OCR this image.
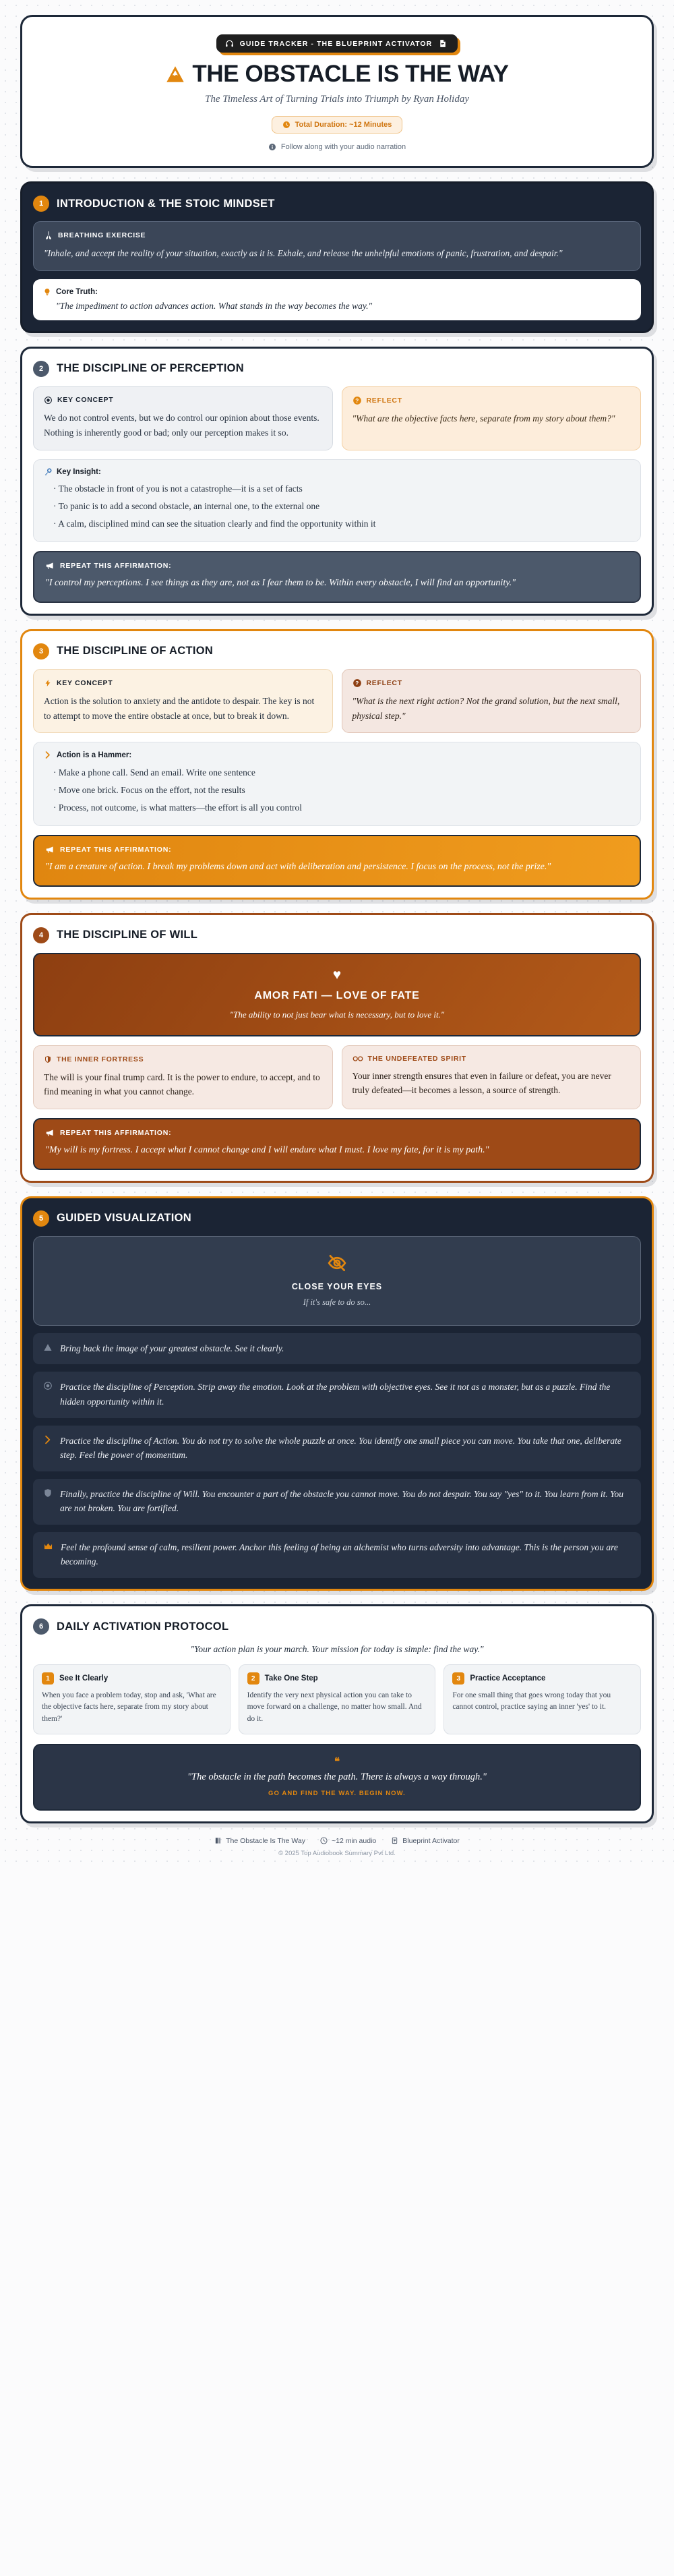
GUIDE TRACKER - THE BLUEPRINT ACTIVATOR
THE OBSTACLE IS THE WAY
The Timeless Art of Turning Trials into Triumph by Ryan Holiday
Total Duration: ~12 Minutes
Follow along with your audio narration
1	INTRODUCTION & THE STOIC MINDSET
BREATHING EXERCISE
"Inhale, and accept the reality of your situation, exactly as it is. Exhale, and release the unhelpful emotions of panic, frustration, and despair."
Core Truth:
"The impediment to action advances action. What stands in the way becomes the way."
2	THE DISCIPLINE OF PERCEPTION
KEY CONCEPT
We do not control events, but we do control our opinion about those events. Nothing is inherently good or bad; only our perception makes it so.
? REFLECT
"What are the objective facts here, separate from my story about them?"
Key Insight:
· The obstacle in front of you is not a catastrophe—it is a set of facts
· To panic is to add a second obstacle, an internal one, to the external one
· A calm, disciplined mind can see the situation clearly and find the opportunity within it
REPEAT THIS AFFIRMATION:
"I control my perceptions. I see things as they are, not as I fear them to be. Within every obstacle, I will find an opportunity."
3	THE DISCIPLINE OF ACTION
KEY CONCEPT
Action is the solution to anxiety and the antidote to despair. The key is not to attempt to move the entire obstacle at once, but to break it down.
? REFLECT
"What is the next right action? Not the grand solution, but the next small, physical step."
Action is a Hammer:
· Make a phone call. Send an email. Write one sentence
· Move one brick. Focus on the effort, not the results
· Process, not outcome, is what matters—the effort is all you control
REPEAT THIS AFFIRMATION:
"I am a creature of action. I break my problems down and act with deliberation and persistence. I focus on the process, not the prize."
4	THE DISCIPLINE OF WILL
♥
AMOR FATI — LOVE OF FATE
"The ability to not just bear what is necessary, but to love it."
THE INNER FORTRESS
The will is your final trump card. It is the power to endure, to accept, and to find meaning in what you cannot change.
THE UNDEFEATED SPIRIT
Your inner strength ensures that even in failure or defeat, you are never truly defeated—it becomes a lesson, a source of strength.
REPEAT THIS AFFIRMATION:
"My will is my fortress. I accept what I cannot change and I will endure what I must. I love my fate, for it is my path."
5	GUIDED VISUALIZATION
CLOSE YOUR EYES
If it's safe to do so...
Bring back the image of your greatest obstacle. See it clearly.
Practice the discipline of Perception. Strip away the emotion. Look at the problem with objective eyes. See it not as a monster, but as a puzzle. Find the hidden opportunity within it.
Practice the discipline of Action. You do not try to solve the whole puzzle at once. You identify one small piece you can move. You take that one, deliberate step. Feel the power of momentum.
Finally, practice the discipline of Will. You encounter a part of the obstacle you cannot move. You do not despair. You say "yes" to it. You learn from it. You are not broken. You are fortified.
Feel the profound sense of calm, resilient power. Anchor this feeling of being an alchemist who turns adversity into advantage. This is the person you are becoming.
6	DAILY ACTIVATION PROTOCOL
"Your action plan is your march. Your mission for today is simple: find the way."
1	See It Clearly
When you face a problem today, stop and ask, 'What are the objective facts here, separate from my story about them?'
2	Take One Step
Identify the very next physical action you can take to move forward on a challenge, no matter how small. And do it.
3	Practice Acceptance
For one small thing that goes wrong today that you cannot control, practice saying an inner 'yes' to it.
❝
"The obstacle in the path becomes the path. There is always a way through."
GO AND FIND THE WAY. BEGIN NOW.
The Obstacle Is The Way	~12 min audio	Blueprint Activator
© 2025 Top Audiobook Summary Pvt Ltd.
